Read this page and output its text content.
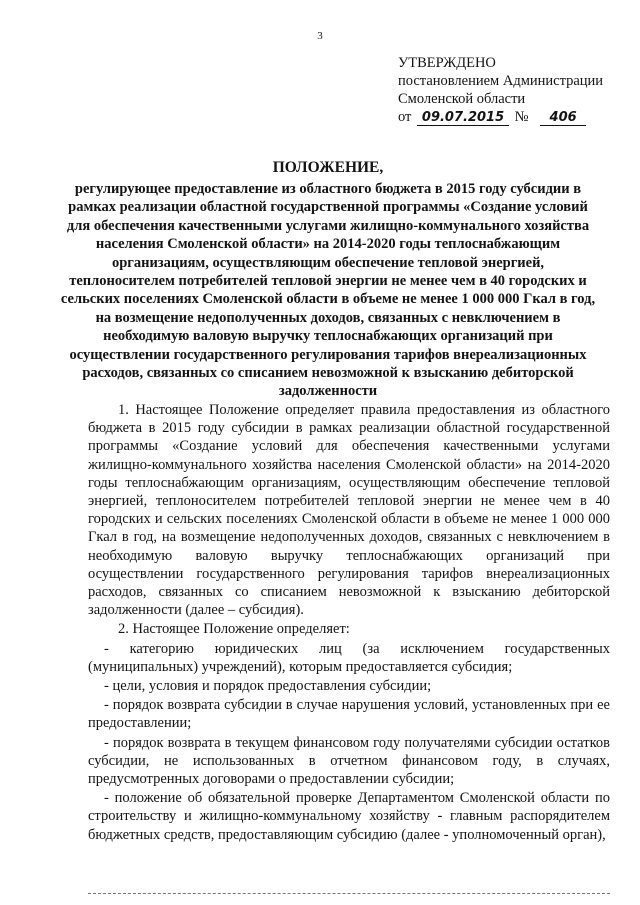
3
УТВЕРЖДЕНО
постановлением Администрации
Смоленской области
от 09.07.2015 № 406

ПОЛОЖЕНИЕ,

регулирующее предоставление из областного бюджета в 2015 году субсидии в рамках реализации областной государственной программы «Создание условий для обеспечения качественными услугами жилищно-коммунального хозяйства населения Смоленской области» на 2014-2020 годы теплоснабжающим организациям, осуществляющим обеспечение тепловой энергией, теплоносителем потребителей тепловой энергии не менее чем в 40 городских и сельских поселениях Смоленской области в объеме не менее 1 000 000 Гкал в год, на возмещение недополученных доходов, связанных с невключением в необходимую валовую выручку теплоснабжающих организаций при осуществлении государственного регулирования тарифов внереализационных расходов, связанных со списанием невозможной к взысканию дебиторской задолженности

1. Настоящее Положение определяет правила предоставления из областного бюджета в 2015 году субсидии в рамках реализации областной государственной программы «Создание условий для обеспечения качественными услугами жилищно-коммунального хозяйства населения Смоленской области» на 2014-2020 годы теплоснабжающим организациям, осуществляющим обеспечение тепловой энергией, теплоносителем потребителей тепловой энергии не менее чем в 40 городских и сельских поселениях Смоленской области в объеме не менее 1 000 000 Гкал в год, на возмещение недополученных доходов, связанных с невключением в необходимую валовую выручку теплоснабжающих организаций при осуществлении государственного регулирования тарифов внереализационных расходов, связанных со списанием невозможной к взысканию дебиторской задолженности (далее – субсидия).

2. Настоящее Положение определяет:

- категорию юридических лиц (за исключением государственных (муниципальных) учреждений), которым предоставляется субсидия;

- цели, условия и порядок предоставления субсидии;

- порядок возврата субсидии в случае нарушения условий, установленных при ее предоставлении;

- порядок возврата в текущем финансовом году получателями субсидии остатков субсидии, не использованных в отчетном финансовом году, в случаях, предусмотренных договорами о предоставлении субсидии;

- положение об обязательной проверке Департаментом Смоленской области по строительству и жилищно-коммунальному хозяйству - главным распорядителем бюджетных средств, предоставляющим субсидию (далее - уполномоченный орган),
